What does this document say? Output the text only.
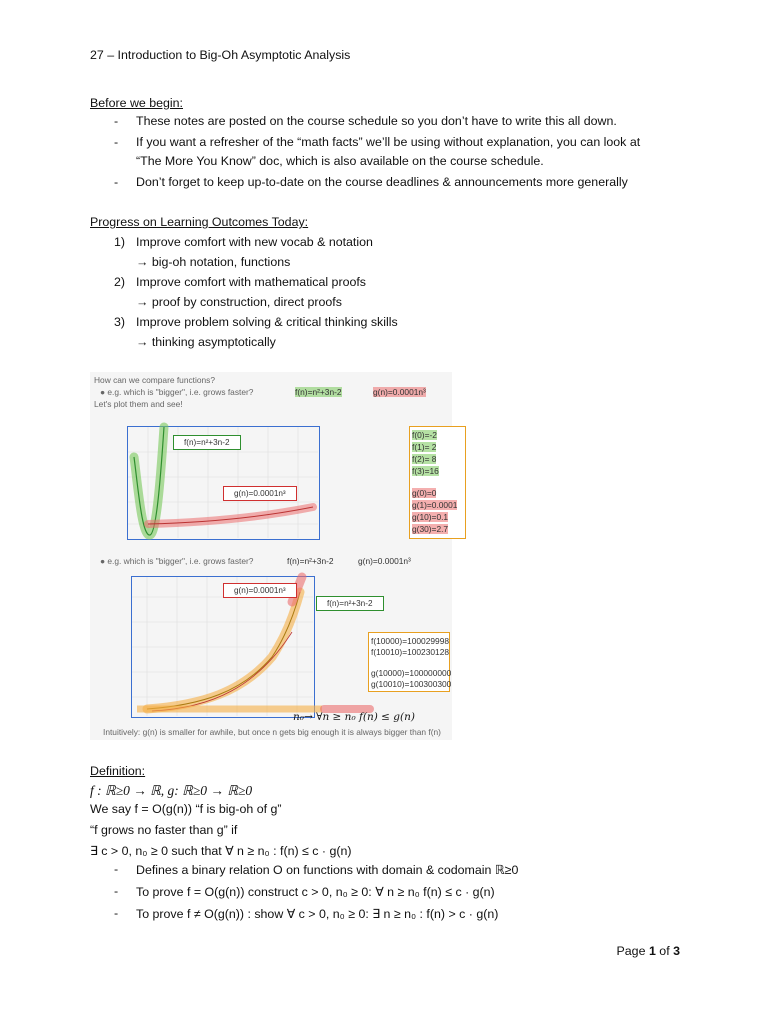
27 – Introduction to Big-Oh Asymptotic Analysis
Before we begin:
- These notes are posted on the course schedule so you don’t have to write this all down.
- If you want a refresher of the “math facts” we’ll be using without explanation, you can look at
“The More You Know” doc, which is also available on the course schedule.
- Don’t forget to keep up-to-date on the course deadlines & announcements more generally
Progress on Learning Outcomes Today:
1) Improve comfort with new vocab & notation
→ big-oh notation, functions
2) Improve comfort with mathematical proofs
→ proof by construction, direct proofs
3) Improve problem solving & critical thinking skills
→ thinking asymptotically
How can we compare functions?
● e.g. which is "bigger", i.e. grows faster?
Let's plot them and see!
f(n)=n²+3n-2	g(n)=0.0001n³
f(n)=n²+3n-2
g(n)=0.0001n³
f(0)=-2
f(1)= 2
f(2)= 8
f(3)=16
g(0)=0
g(1)=0.0001
g(10)=0.1
g(30)=2.7
● e.g. which is "bigger", i.e. grows faster?	f(n)=n²+3n-2	g(n)=0.0001n³
g(n)=0.0001n³
f(n)=n²+3n-2
f(10000)=100029998
f(10010)=100230128
g(10000)=100000000
g(10010)=100300300
n₀→ ∀n ≥ n₀ f(n) ≤ g(n)
Intuitively: g(n) is smaller for awhile, but once n gets big enough it is always bigger than f(n)
Definition:
f : ℝ≥0 → ℝ, g: ℝ≥0 → ℝ≥0
We say f = O(g(n)) “f is big-oh of g”
“f grows no faster than g” if
∃ c > 0, n₀ ≥ 0 such that ∀ n ≥ n₀ : f(n) ≤ c · g(n)
-	Defines a binary relation O on functions with domain & codomain ℝ≥0
-	To prove f = O(g(n)) construct c > 0, n₀ ≥ 0: ∀ n ≥ n₀ f(n) ≤ c · g(n)
-	To prove f ≠ O(g(n)) : show ∀ c > 0, n₀ ≥ 0: ∃ n ≥ n₀ : f(n) > c · g(n)
Page 1 of 3
